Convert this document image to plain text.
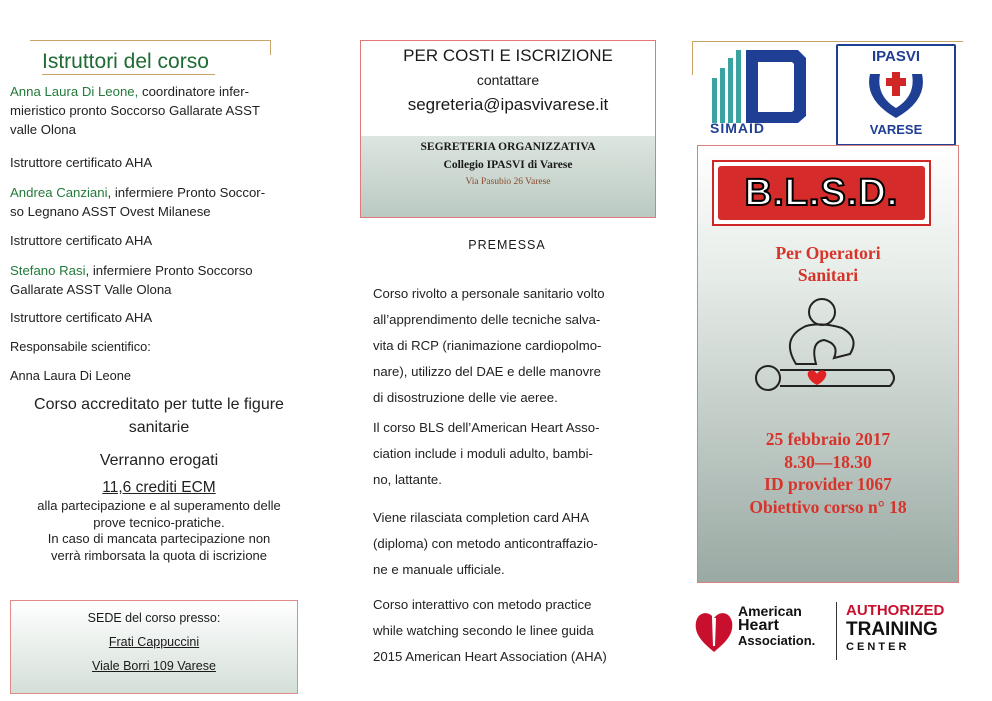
Istruttori del corso
Anna Laura Di Leone, coordinatore infer-
mieristico pronto Soccorso Gallarate ASST
valle Olona
Istruttore certificato AHA
Andrea Canziani, infermiere Pronto Soccor-
so Legnano ASST Ovest Milanese
Istruttore certificato AHA
Stefano Rasi, infermiere Pronto Soccorso
Gallarate ASST Valle Olona
Istruttore certificato AHA
Responsabile scientifico:
Anna Laura Di Leone
Corso accreditato per tutte le figure
sanitarie
Verranno erogati
11,6 crediti ECM
alla partecipazione e al superamento delle
prove tecnico-pratiche.
In caso di mancata partecipazione non
verrà rimborsata la quota di iscrizione
SEDE del corso presso:
Frati Cappuccini
Viale Borri 109 Varese
PER COSTI E ISCRIZIONE
contattare
segreteria@ipasvivarese.it
SEGRETERIA ORGANIZZATIVA
Collegio IPASVI di Varese
Via Pasubio 26 Varese
PREMESSA
Corso rivolto a personale sanitario volto
all’apprendimento delle tecniche salva-
vita di RCP (rianimazione cardiopolmo-
nare), utilizzo del DAE e delle manovre
di disostruzione delle vie aeree.
Il corso BLS dell’American Heart Asso-
ciation include i moduli adulto, bambi-
no, lattante.
Viene rilasciata completion card AHA
(diploma) con metodo anticontraffazio-
ne e manuale ufficiale.
Corso interattivo con metodo practice
while watching secondo le linee guida
2015 American Heart Association (AHA)
SIMAID
IPASVI
VARESE
B.L.S.D.
Per Operatori
Sanitari
25 febbraio 2017
8.30—18.30
ID provider 1067
Obiettivo corso n° 18
American
Heart
Association.
AUTHORIZED
TRAINING
C E N T E R
